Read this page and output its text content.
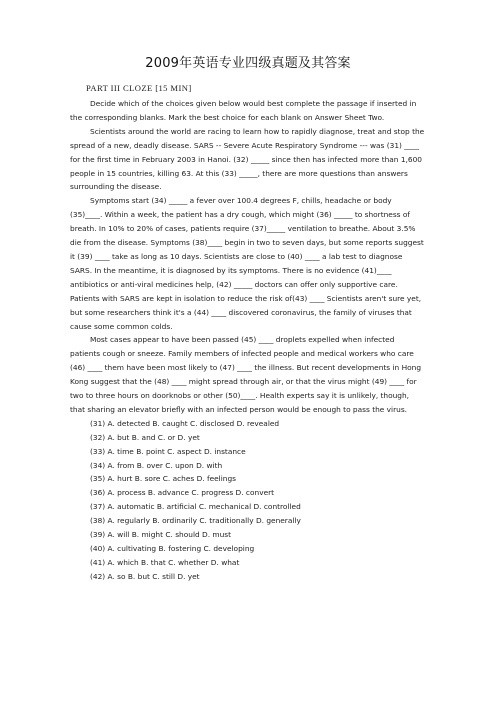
2009年英语专业四级真题及其答案
PART III CLOZE [15 MIN]

Decide which of the choices given below would best complete the passage if inserted in the corresponding blanks. Mark the best choice for each blank on Answer Sheet Two.

Scientists around the world are racing to learn how to rapidly diagnose, treat and stop the spread of a new, deadly disease. SARS -- Severe Acute Respiratory Syndrome --- was (31) ____ for the first time in February 2003 in Hanoi. (32) _____ since then has infected more than 1,600 people in 15 countries, killing 63. At this (33) _____, there are more questions than answers surrounding the disease.

Symptoms start (34) _____ a fever over 100.4 degrees F, chills, headache or body (35)____. Within a week, the patient has a dry cough, which might (36) _____ to shortness of breath. In 10% to 20% of cases, patients require (37)_____ ventilation to breathe. About 3.5% die from the disease. Symptoms (38)____ begin in two to seven days, but some reports suggest it (39) ____ take as long as 10 days. Scientists are close to (40) ____ a lab test to diagnose SARS. In the meantime, it is diagnosed by its symptoms. There is no evidence (41)____ antibiotics or anti-viral medicines help, (42) _____ doctors can offer only supportive care. Patients with SARS are kept in isolation to reduce the risk of(43) ____ Scientists aren't sure yet, but some researchers think it's a (44) ____ discovered coronavirus, the family of viruses that cause some common colds.

Most cases appear to have been passed (45) ____ droplets expelled when infected patients cough or sneeze. Family members of infected people and medical workers who care (46) ____ them have been most likely to (47) ____ the illness. But recent developments in Hong Kong suggest that the (48) ____ might spread through air, or that the virus might (49) ____ for two to three hours on doorknobs or other (50)____. Health experts say it is unlikely, though, that sharing an elevator briefly with an infected person would be enough to pass the virus.

(31) A. detected B. caught C. disclosed D. revealed
(32) A. but B. and C. or D. yet
(33) A. time B. point C. aspect D. instance
(34) A. from B. over C. upon D. with
(35) A. hurt B. sore C. aches D. feelings
(36) A. process B. advance C. progress D. convert
(37) A. automatic B. artificial C. mechanical D. controlled
(38) A. regularly B. ordinarily C. traditionally D. generally
(39) A. will B. might C. should D. must
(40) A. cultivating B. fostering C. developing
(41) A. which B. that C. whether D. what
(42) A. so B. but C. still D. yet
